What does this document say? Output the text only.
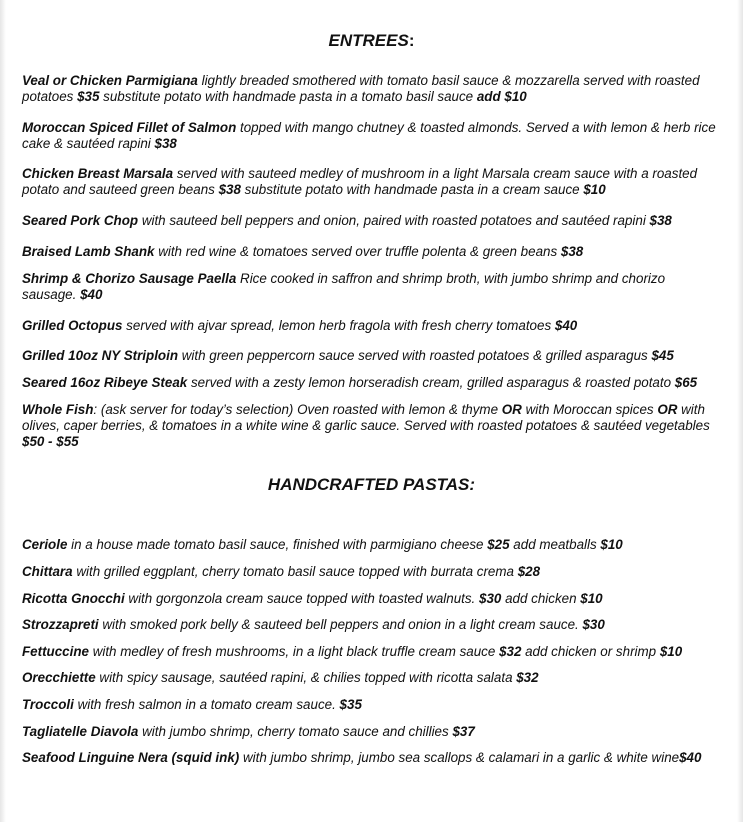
ENTREES:

Veal or Chicken Parmigiana lightly breaded smothered with tomato basil sauce & mozzarella served with roasted potatoes $35 substitute potato with handmade pasta in a tomato basil sauce add $10

Moroccan Spiced Fillet of Salmon topped with mango chutney & toasted almonds. Served a with lemon & herb rice cake & sautéed rapini $38

Chicken Breast Marsala served with sauteed medley of mushroom in a light Marsala cream sauce with a roasted potato and sauteed green beans $38 substitute potato with handmade pasta in a cream sauce $10

Seared Pork Chop with sauteed bell peppers and onion, paired with roasted potatoes and sautéed rapini $38

Braised Lamb Shank with red wine & tomatoes served over truffle polenta & green beans $38

Shrimp & Chorizo Sausage Paella Rice cooked in saffron and shrimp broth, with jumbo shrimp and chorizo sausage. $40

Grilled Octopus served with ajvar spread, lemon herb fragola with fresh cherry tomatoes $40

Grilled 10oz NY Striploin with green peppercorn sauce served with roasted potatoes & grilled asparagus $45

Seared 16oz Ribeye Steak served with a zesty lemon horseradish cream, grilled asparagus & roasted potato $65

Whole Fish: (ask server for today’s selection) Oven roasted with lemon & thyme OR with Moroccan spices OR with olives, caper berries, & tomatoes in a white wine & garlic sauce. Served with roasted potatoes & sautéed vegetables $50 - $55

HANDCRAFTED PASTAS:

Ceriole in a house made tomato basil sauce, finished with parmigiano cheese $25 add meatballs $10

Chittara with grilled eggplant, cherry tomato basil sauce topped with burrata crema $28

Ricotta Gnocchi with gorgonzola cream sauce topped with toasted walnuts. $30 add chicken $10

Strozzapreti with smoked pork belly & sauteed bell peppers and onion in a light cream sauce. $30

Fettuccine with medley of fresh mushrooms, in a light black truffle cream sauce $32 add chicken or shrimp $10

Orecchiette with spicy sausage, sautéed rapini, & chilies topped with ricotta salata $32

Troccoli with fresh salmon in a tomato cream sauce. $35

Tagliatelle Diavola with jumbo shrimp, cherry tomato sauce and chillies $37

Seafood Linguine Nera (squid ink) with jumbo shrimp, jumbo sea scallops & calamari in a garlic & white wine$40
